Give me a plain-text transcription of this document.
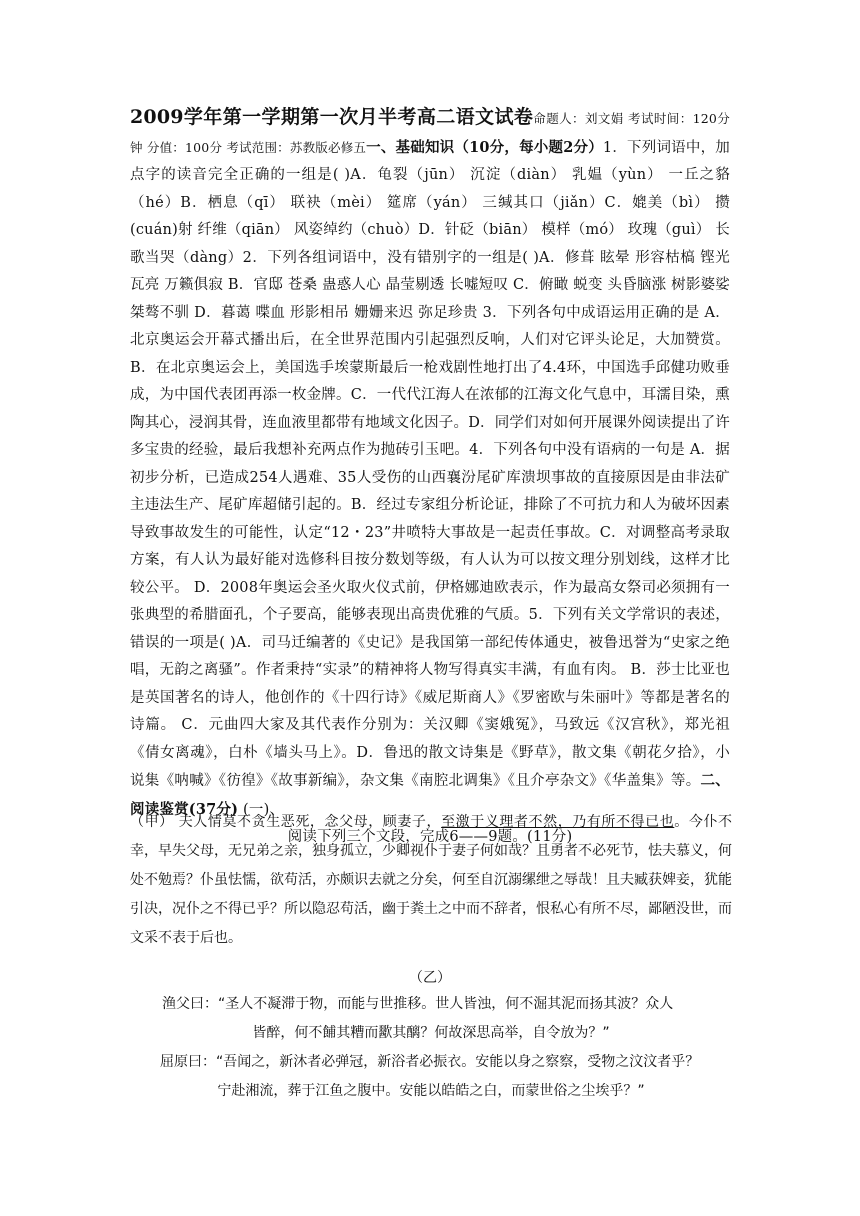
2009学年第一学期第一次月半考高二语文试卷命题人：刘文娟 考试时间：120分钟 分值：100分 考试范围：苏教版必修五一、基础知识（10分，每小题2分）1．下列词语中，加点字的读音完全正确的一组是( )A．龟裂（jūn） 沉淀（diàn） 乳媪（yùn） 一丘之貉（hé）B．栖息（qī） 联袂（mèi） 筵席（yán） 三缄其口（jiǎn）C．媲美（bì） 攒(cuán)射 纤维（qiān） 风姿绰约（chuò）D．针砭（biān） 模样（mó） 玫瑰（guì） 长歌当哭（dàng）2．下列各组词语中，没有错别字的一组是( )A．修葺 眩晕 形容枯槁 铿光瓦亮 万籁俱寂 B．官邸 苍桑 蛊惑人心 晶莹剔透 长嘘短叹 C．俯瞰 蜕变 头昏脑涨 树影婆娑 桀骜不驯 D．暮蔼 喋血 形影相吊 姗姗来迟 弥足珍贵 3．下列各句中成语运用正确的是 A．北京奥运会开幕式播出后，在全世界范围内引起强烈反响，人们对它评头论足，大加赞赏。 B．在北京奥运会上，美国选手埃蒙斯最后一枪戏剧性地打出了4.4环，中国选手邱健功败垂成，为中国代表团再添一枚金牌。C．一代代江海人在浓郁的江海文化气息中，耳濡目染，熏陶其心，浸润其骨，连血液里都带有地域文化因子。D．同学们对如何开展课外阅读提出了许多宝贵的经验，最后我想补充两点作为抛砖引玉吧。4．下列各句中没有语病的一句是 A．据初步分析，已造成254人遇难、35人受伤的山西襄汾尾矿库溃坝事故的直接原因是由非法矿主违法生产、尾矿库超储引起的。B．经过专家组分析论证，排除了不可抗力和人为破坏因素导致事故发生的可能性，认定“12・23”井喷特大事故是一起责任事故。C．对调整高考录取方案，有人认为最好能对选修科目按分数划等级，有人认为可以按文理分别划线，这样才比较公平。 D．2008年奥运会圣火取火仪式前，伊格娜迪欧表示，作为最高女祭司必须拥有一张典型的希腊面孔，个子要高，能够表现出高贵优雅的气质。5．下列有关文学常识的表述，错误的一项是( )A．司马迁编著的《史记》是我国第一部纪传体通史，被鲁迅誉为“史家之绝唱，无韵之离骚”。作者秉持“实录”的精神将人物写得真实丰满，有血有肉。 B．莎士比亚也是英国著名的诗人，他创作的《十四行诗》《威尼斯商人》《罗密欧与朱丽叶》等都是著名的诗篇。 C．元曲四大家及其代表作分别为：关汉卿《窦娥冤》，马致远《汉宫秋》，郑光祖《倩女离魂》，白朴《墙头马上》。D．鲁迅的散文诗集是《野草》，散文集《朝花夕拾》，小说集《呐喊》《彷徨》《故事新编》，杂文集《南腔北调集》《且介亭杂文》《华盖集》等。二、阅读鉴赏(37分) (一)、
阅读下列三个文段，完成6——9题。(11分)
（甲） 夫人情莫不贪生恶死，念父母，顾妻子，至激于义理者不然，乃有所不得已也。今仆不幸，早失父母，无兄弟之亲，独身孤立，少卿视仆于妻子何如哉？且勇者不必死节，怯夫慕义，何处不勉焉？仆虽怯懦，欲苟活，亦颇识去就之分矣，何至自沉溺缧绁之辱哉！且夫臧获婢妾，犹能引决，况仆之不得已乎？所以隐忍苟活，幽于粪土之中而不辞者，恨私心有所不尽，鄙陋没世，而文采不表于后也。
（乙）
渔父曰：“圣人不凝滞于物，而能与世推移。世人皆浊，何不淈其泥而扬其波？众人
皆醉，何不餔其糟而歠其醨？何故深思高举，自令放为？”
屈原曰：“吾闻之，新沐者必弹冠，新浴者必振衣。安能以身之察察，受物之汶汶者乎？
宁赴湘流，葬于江鱼之腹中。安能以皓皓之白，而蒙世俗之尘埃乎？”
